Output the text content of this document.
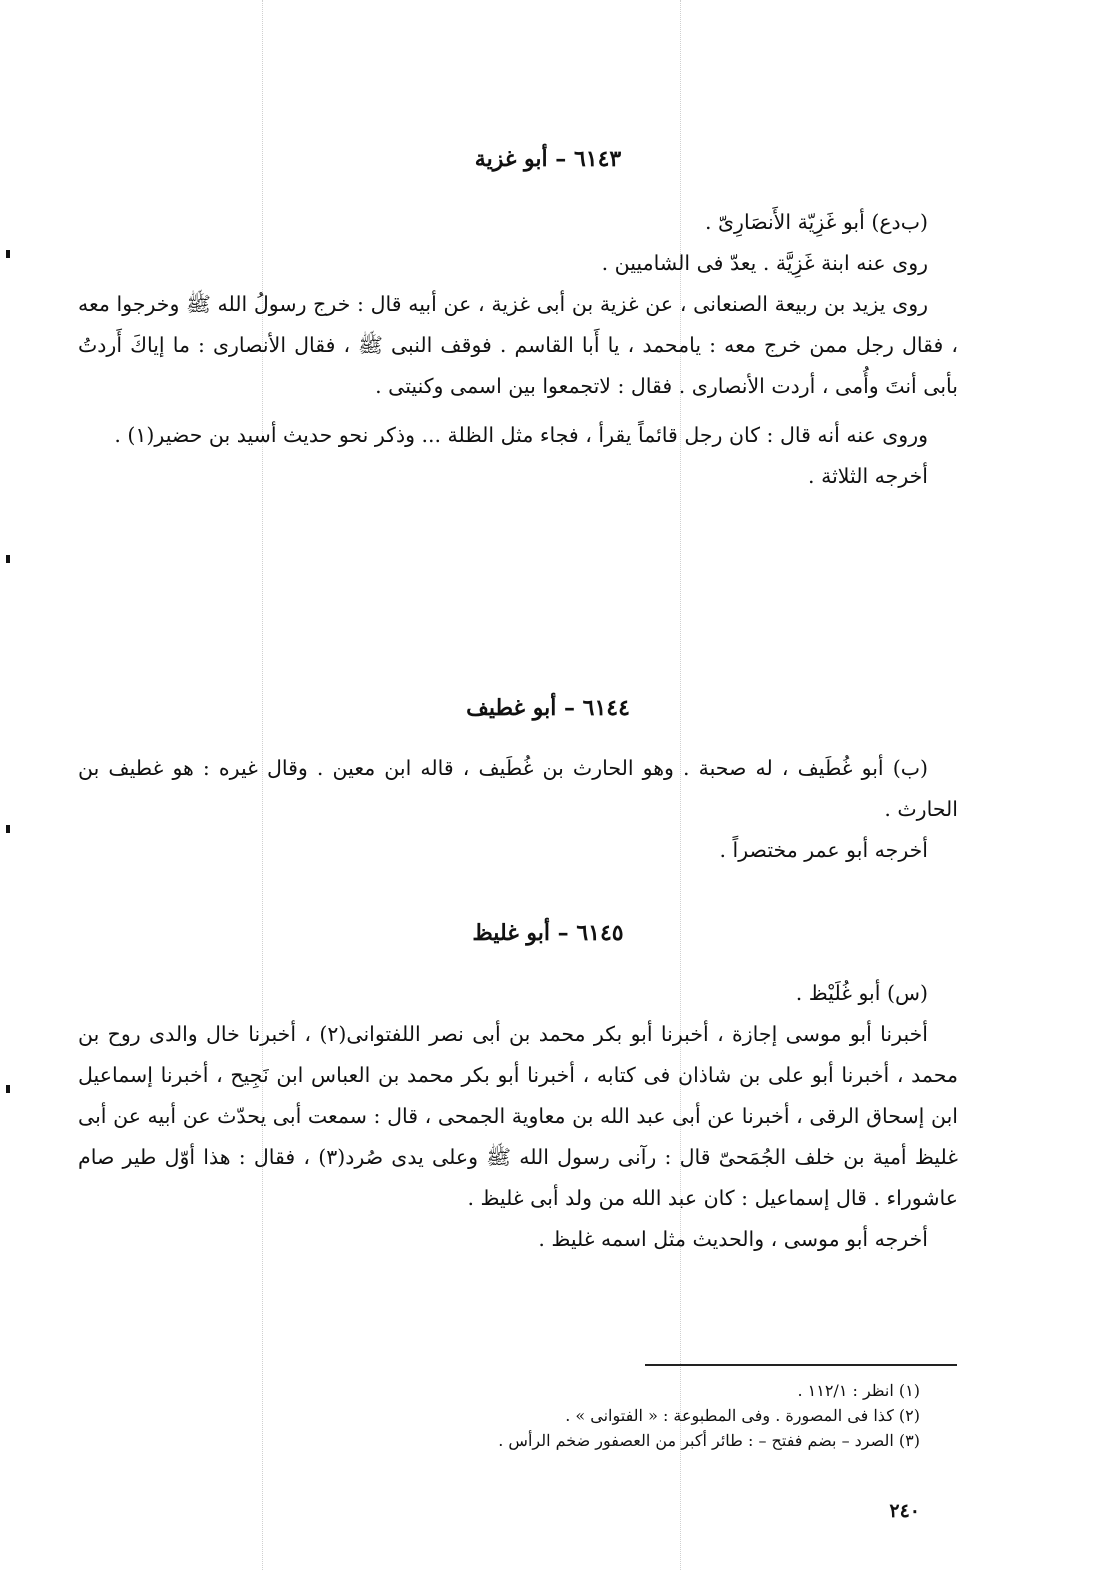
٦١٤٣ – أبو غزية

(ب‌دع) أبو غَزِيّة الأَنصَارِىّ .

روى عنه ابنة غَزِيَّة . يعدّ فى الشاميين .

روى يزيد بن ربيعة الصنعانى ، عن غزية بن أبى غزية ، عن أبيه قال : خرج رسولُ الله ﷺ وخرجوا معه ، فقال رجل ممن خرج معه : يامحمد ، يا أَبا القاسم . فوقف النبى ﷺ ، فقال الأنصارى : ما إياكَ أَردتُ بأبى أنتَ وأُمى ، أردت الأنصارى . فقال : لاتجمعوا بين اسمى وكنيتى .

وروى عنه أنه قال : كان رجل قائماً يقرأ ، فجاء مثل الظلة ... وذكر نحو حديث أسيد بن حضير(١) .

أخرجه الثلاثة .

٦١٤٤ – أبو غطيف

(ب) أبو غُطَيف ، له صحبة . وهو الحارث بن غُطَيف ، قاله ابن معين . وقال غيره : هو غطيف بن الحارث .

أخرجه أبو عمر مختصراً .

٦١٤٥ – أبو غليظ

(س) أبو غُلَيْظ .

أخبرنا أبو موسى إجازة ، أخبرنا أبو بكر محمد بن أبى نصر اللفتوانى(٢) ، أخبرنا خال والدى روح بن محمد ، أخبرنا أبو على بن شاذان فى كتابه ، أخبرنا أبو بكر محمد بن العباس ابن نَجِيح ، أخبرنا إسماعيل ابن إسحاق الرقى ، أخبرنا عن أبى عبد الله بن معاوية الجمحى ، قال : سمعت أبى يحدّث عن أبيه عن أبى غليظ أمية بن خلف الجُمَحىّ قال : رآنى رسول الله ﷺ وعلى يدى صُرد(٣) ، فقال : هذا أوّل طير صام عاشوراء . قال إسماعيل : كان عبد الله من ولد أبى غليظ .

أخرجه أبو موسى ، والحديث مثل اسمه غليظ .

(١) انظر : ١١٢/١ .

(٢) كذا فى المصورة . وفى المطبوعة : « الفتوانى » .

(٣) الصرد – بضم ففتح – : طائر أكبر من العصفور ضخم الرأس .

٢٤٠
